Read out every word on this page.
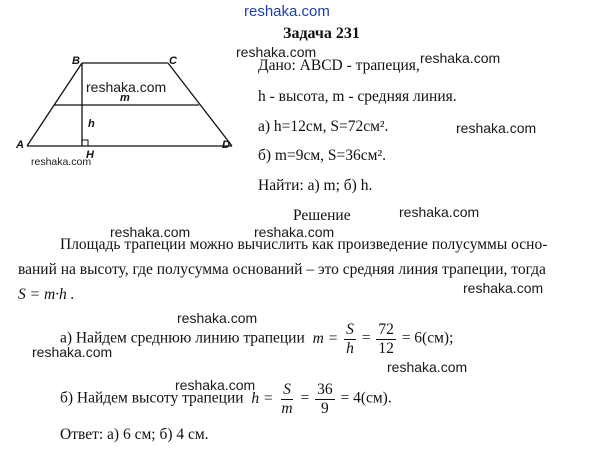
reshaka.com
reshaka.com	reshaka.com
reshaka.com
reshaka.com
reshaka.com
reshaka.com
reshaka.com	reshaka.com
reshaka.com
reshaka.com
reshaka.com
reshaka.com
reshaka.com
Задача 231
B	C
A	D
H
h
m
Дано: ABCD - трапеция,
h - высота, m - средняя линия.
а) h=12см, S=72см².
б) m=9см, S=36см².
Найти: а) m; б) h.
Решение
Площадь трапеции можно вычислить как произведение полусуммы осно-
ваний на высоту, где полусумма оснований – это средняя линия трапеции, тогда
S = m·h .
а) Найдем среднюю линию трапеции $m = \frac{S}{h} = \frac{72}{12} = 6(см)$;
б) Найдем высоту трапеции $h = \frac{S}{m} = \frac{36}{9} = 4(см)$.
Ответ: а) 6 см; б) 4 см.
